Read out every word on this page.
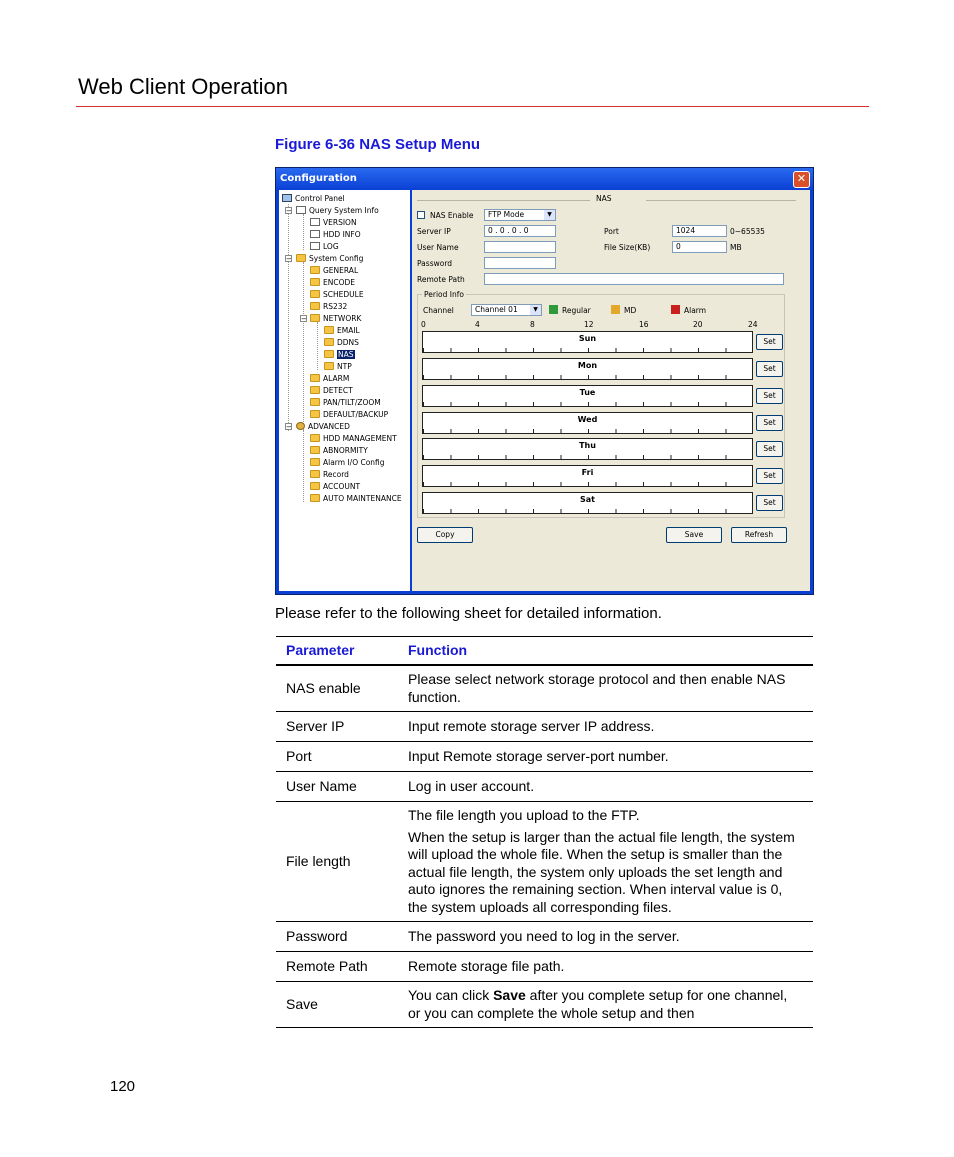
Web Client Operation
Figure 6-36 NAS Setup Menu
Configuration	✕
Control Panel
−	Query System Info
VERSION
HDD INFO
LOG
−	System Config
GENERAL
ENCODE
SCHEDULE
RS232
−	NETWORK
EMAIL
DDNS
NAS
NTP
ALARM
DETECT
PAN/TILT/ZOOM
DEFAULT/BACKUP
−	ADVANCED
HDD MANAGEMENT
ABNORMITY
Alarm I/O Config
Record
ACCOUNT
AUTO MAINTENANCE
NAS
NAS Enable	FTP Mode	▼
Server IP	0 . 0 . 0 . 0	Port	1024	0~65535
User Name	File Size(KB)	0	MB
Password
Remote Path
Period Info
Channel	Channel 01	▼	Regular	MD	Alarm
0	4	8	12	16	20	24
Sun	Set
Mon	Set
Tue	Set
Wed	Set
Thu	Set
Fri	Set
Sat	Set
Copy	Save	Refresh
Please refer to the following sheet for detailed information.
Parameter	Function
NAS enable	Please select network storage protocol and then enable NAS function.
Server IP	Input remote storage server IP address.
Port	Input Remote storage server-port number.
User Name	Log in user account.
File length	The file length you upload to the FTP.

When the setup is larger than the actual file length, the system will upload the whole file. When the setup is smaller than the actual file length, the system only uploads the set length and auto ignores the remaining section. When interval value is 0, the system uploads all corresponding files.

Password	The password you need to log in the server.
Remote Path	Remote storage file path.
Save	You can click Save after you complete setup for one channel, or you can complete the whole setup and then
120
